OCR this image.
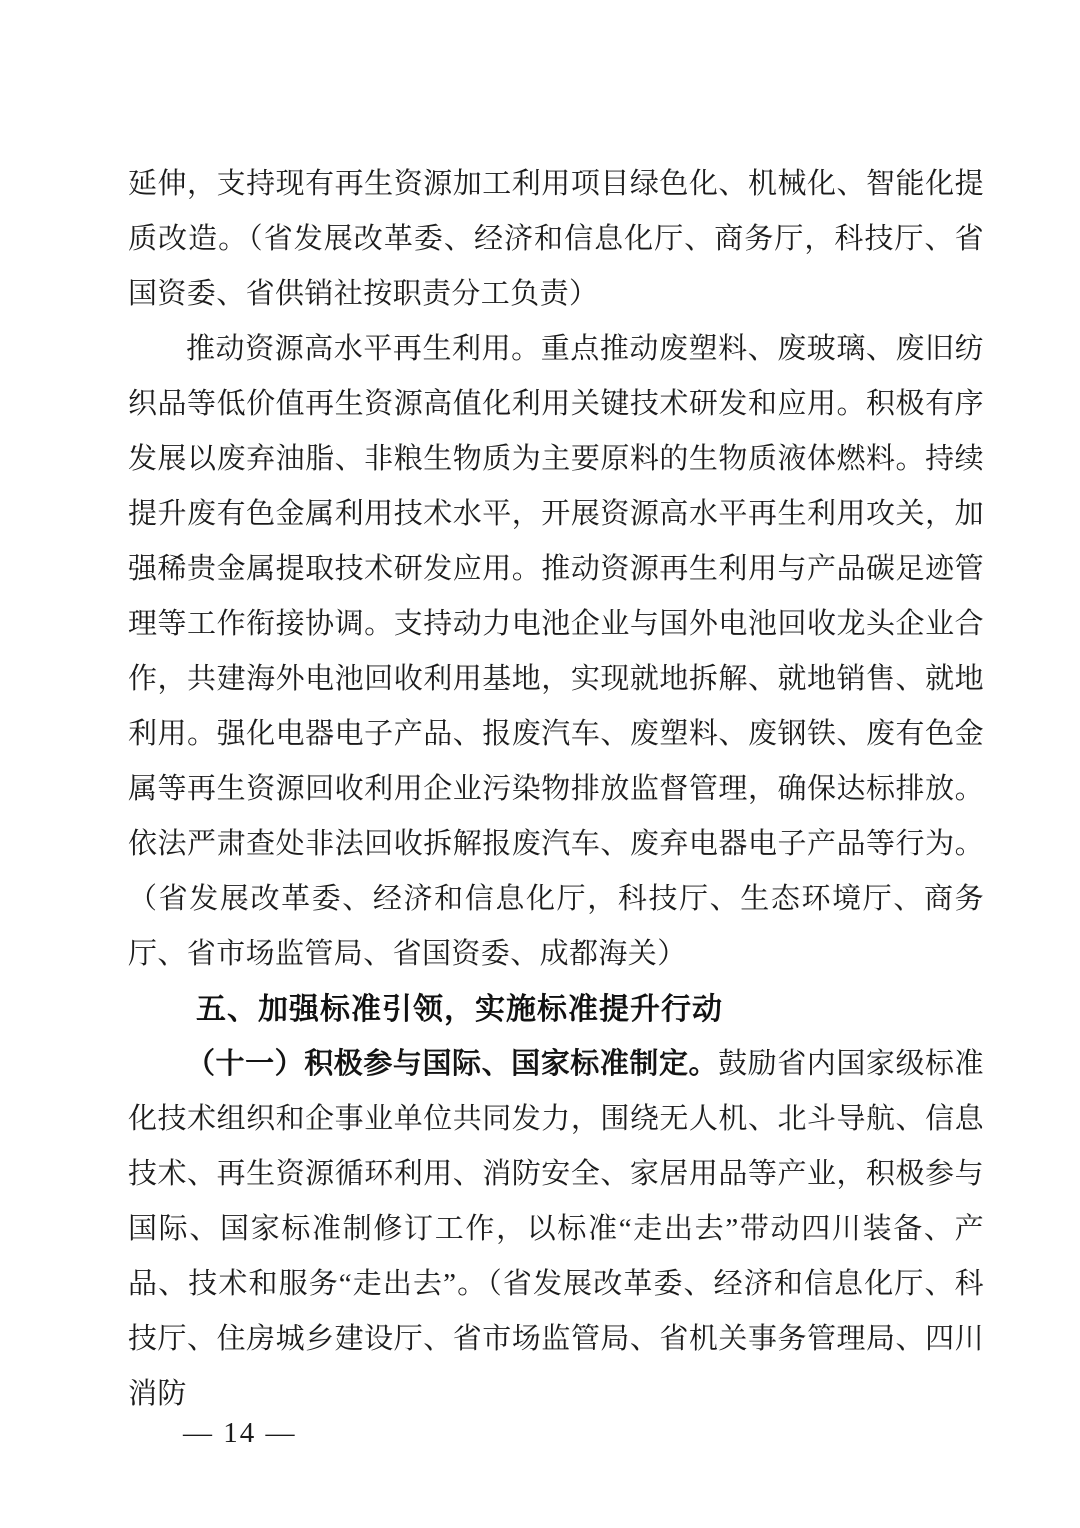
延伸，支持现有再生资源加工利用项目绿色化、机械化、智能化提质改造。（省发展改革委、经济和信息化厅、商务厅，科技厅、省国资委、省供销社按职责分工负责）

推动资源高水平再生利用。重点推动废塑料、废玻璃、废旧纺织品等低价值再生资源高值化利用关键技术研发和应用。积极有序发展以废弃油脂、非粮生物质为主要原料的生物质液体燃料。持续提升废有色金属利用技术水平，开展资源高水平再生利用攻关，加强稀贵金属提取技术研发应用。推动资源再生利用与产品碳足迹管理等工作衔接协调。支持动力电池企业与国外电池回收龙头企业合作，共建海外电池回收利用基地，实现就地拆解、就地销售、就地利用。强化电器电子产品、报废汽车、废塑料、废钢铁、废有色金属等再生资源回收利用企业污染物排放监督管理，确保达标排放。依法严肃查处非法回收拆解报废汽车、废弃电器电子产品等行为。（省发展改革委、经济和信息化厅，科技厅、生态环境厅、商务厅、省市场监管局、省国资委、成都海关）

五、加强标准引领，实施标准提升行动

（十一）积极参与国际、国家标准制定。鼓励省内国家级标准化技术组织和企事业单位共同发力，围绕无人机、北斗导航、信息技术、再生资源循环利用、消防安全、家居用品等产业，积极参与国际、国家标准制修订工作，以标准“走出去”带动四川装备、产品、技术和服务“走出去”。（省发展改革委、经济和信息化厅、科技厅、住房城乡建设厅、省市场监管局、省机关事务管理局、四川消防

— 14 —
